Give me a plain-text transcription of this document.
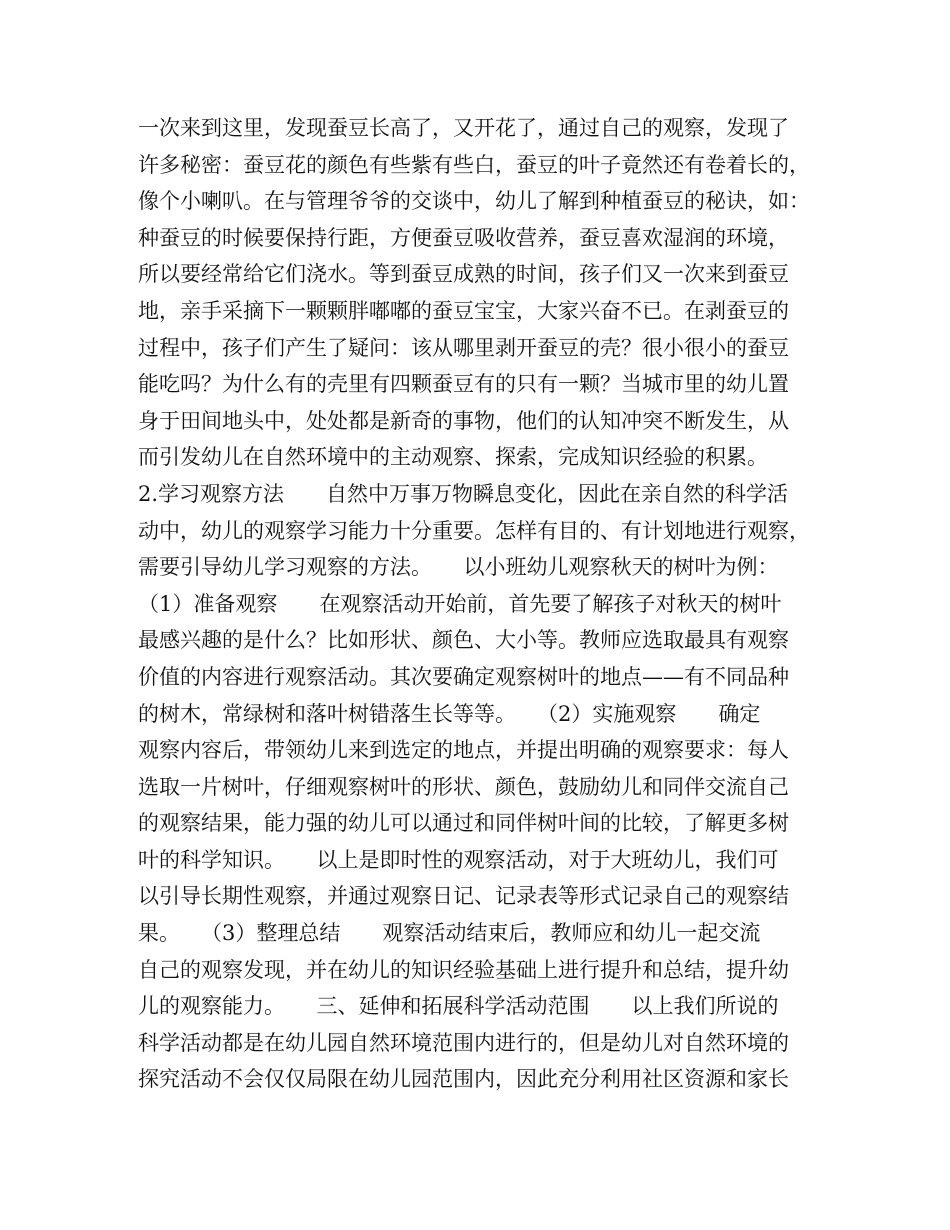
一次来到这里，发现蚕豆长高了，又开花了，通过自己的观察，发现了
许多秘密：蚕豆花的颜色有些紫有些白，蚕豆的叶子竟然还有卷着长的，
像个小喇叭。在与管理爷爷的交谈中，幼儿了解到种植蚕豆的秘诀，如：
种蚕豆的时候要保持行距，方便蚕豆吸收营养，蚕豆喜欢湿润的环境，
所以要经常给它们浇水。等到蚕豆成熟的时间，孩子们又一次来到蚕豆
地，亲手采摘下一颗颗胖嘟嘟的蚕豆宝宝，大家兴奋不已。在剥蚕豆的
过程中，孩子们产生了疑问：该从哪里剥开蚕豆的壳？很小很小的蚕豆
能吃吗？为什么有的壳里有四颗蚕豆有的只有一颗？当城市里的幼儿置
身于田间地头中，处处都是新奇的事物，他们的认知冲突不断发生，从
而引发幼儿在自然环境中的主动观察、探索，完成知识经验的积累。
2.学习观察方法　　自然中万事万物瞬息变化，因此在亲自然的科学活
动中，幼儿的观察学习能力十分重要。怎样有目的、有计划地进行观察，
需要引导幼儿学习观察的方法。　　以小班幼儿观察秋天的树叶为例：
（1）准备观察　　在观察活动开始前，首先要了解孩子对秋天的树叶
最感兴趣的是什么？比如形状、颜色、大小等。教师应选取最具有观察
价值的内容进行观察活动。其次要确定观察树叶的地点——有不同品种
的树木，常绿树和落叶树错落生长等等。　　（2）实施观察　　确定
观察内容后，带领幼儿来到选定的地点，并提出明确的观察要求：每人
选取一片树叶，仔细观察树叶的形状、颜色，鼓励幼儿和同伴交流自己
的观察结果，能力强的幼儿可以通过和同伴树叶间的比较，了解更多树
叶的科学知识。　　以上是即时性的观察活动，对于大班幼儿，我们可
以引导长期性观察，并通过观察日记、记录表等形式记录自己的观察结
果。　　（3）整理总结　　观察活动结束后，教师应和幼儿一起交流
自己的观察发现，并在幼儿的知识经验基础上进行提升和总结，提升幼
儿的观察能力。　　三、延伸和拓展科学活动范围　　以上我们所说的
科学活动都是在幼儿园自然环境范围内进行的，但是幼儿对自然环境的
探究活动不会仅仅局限在幼儿园范围内，因此充分利用社区资源和家长
